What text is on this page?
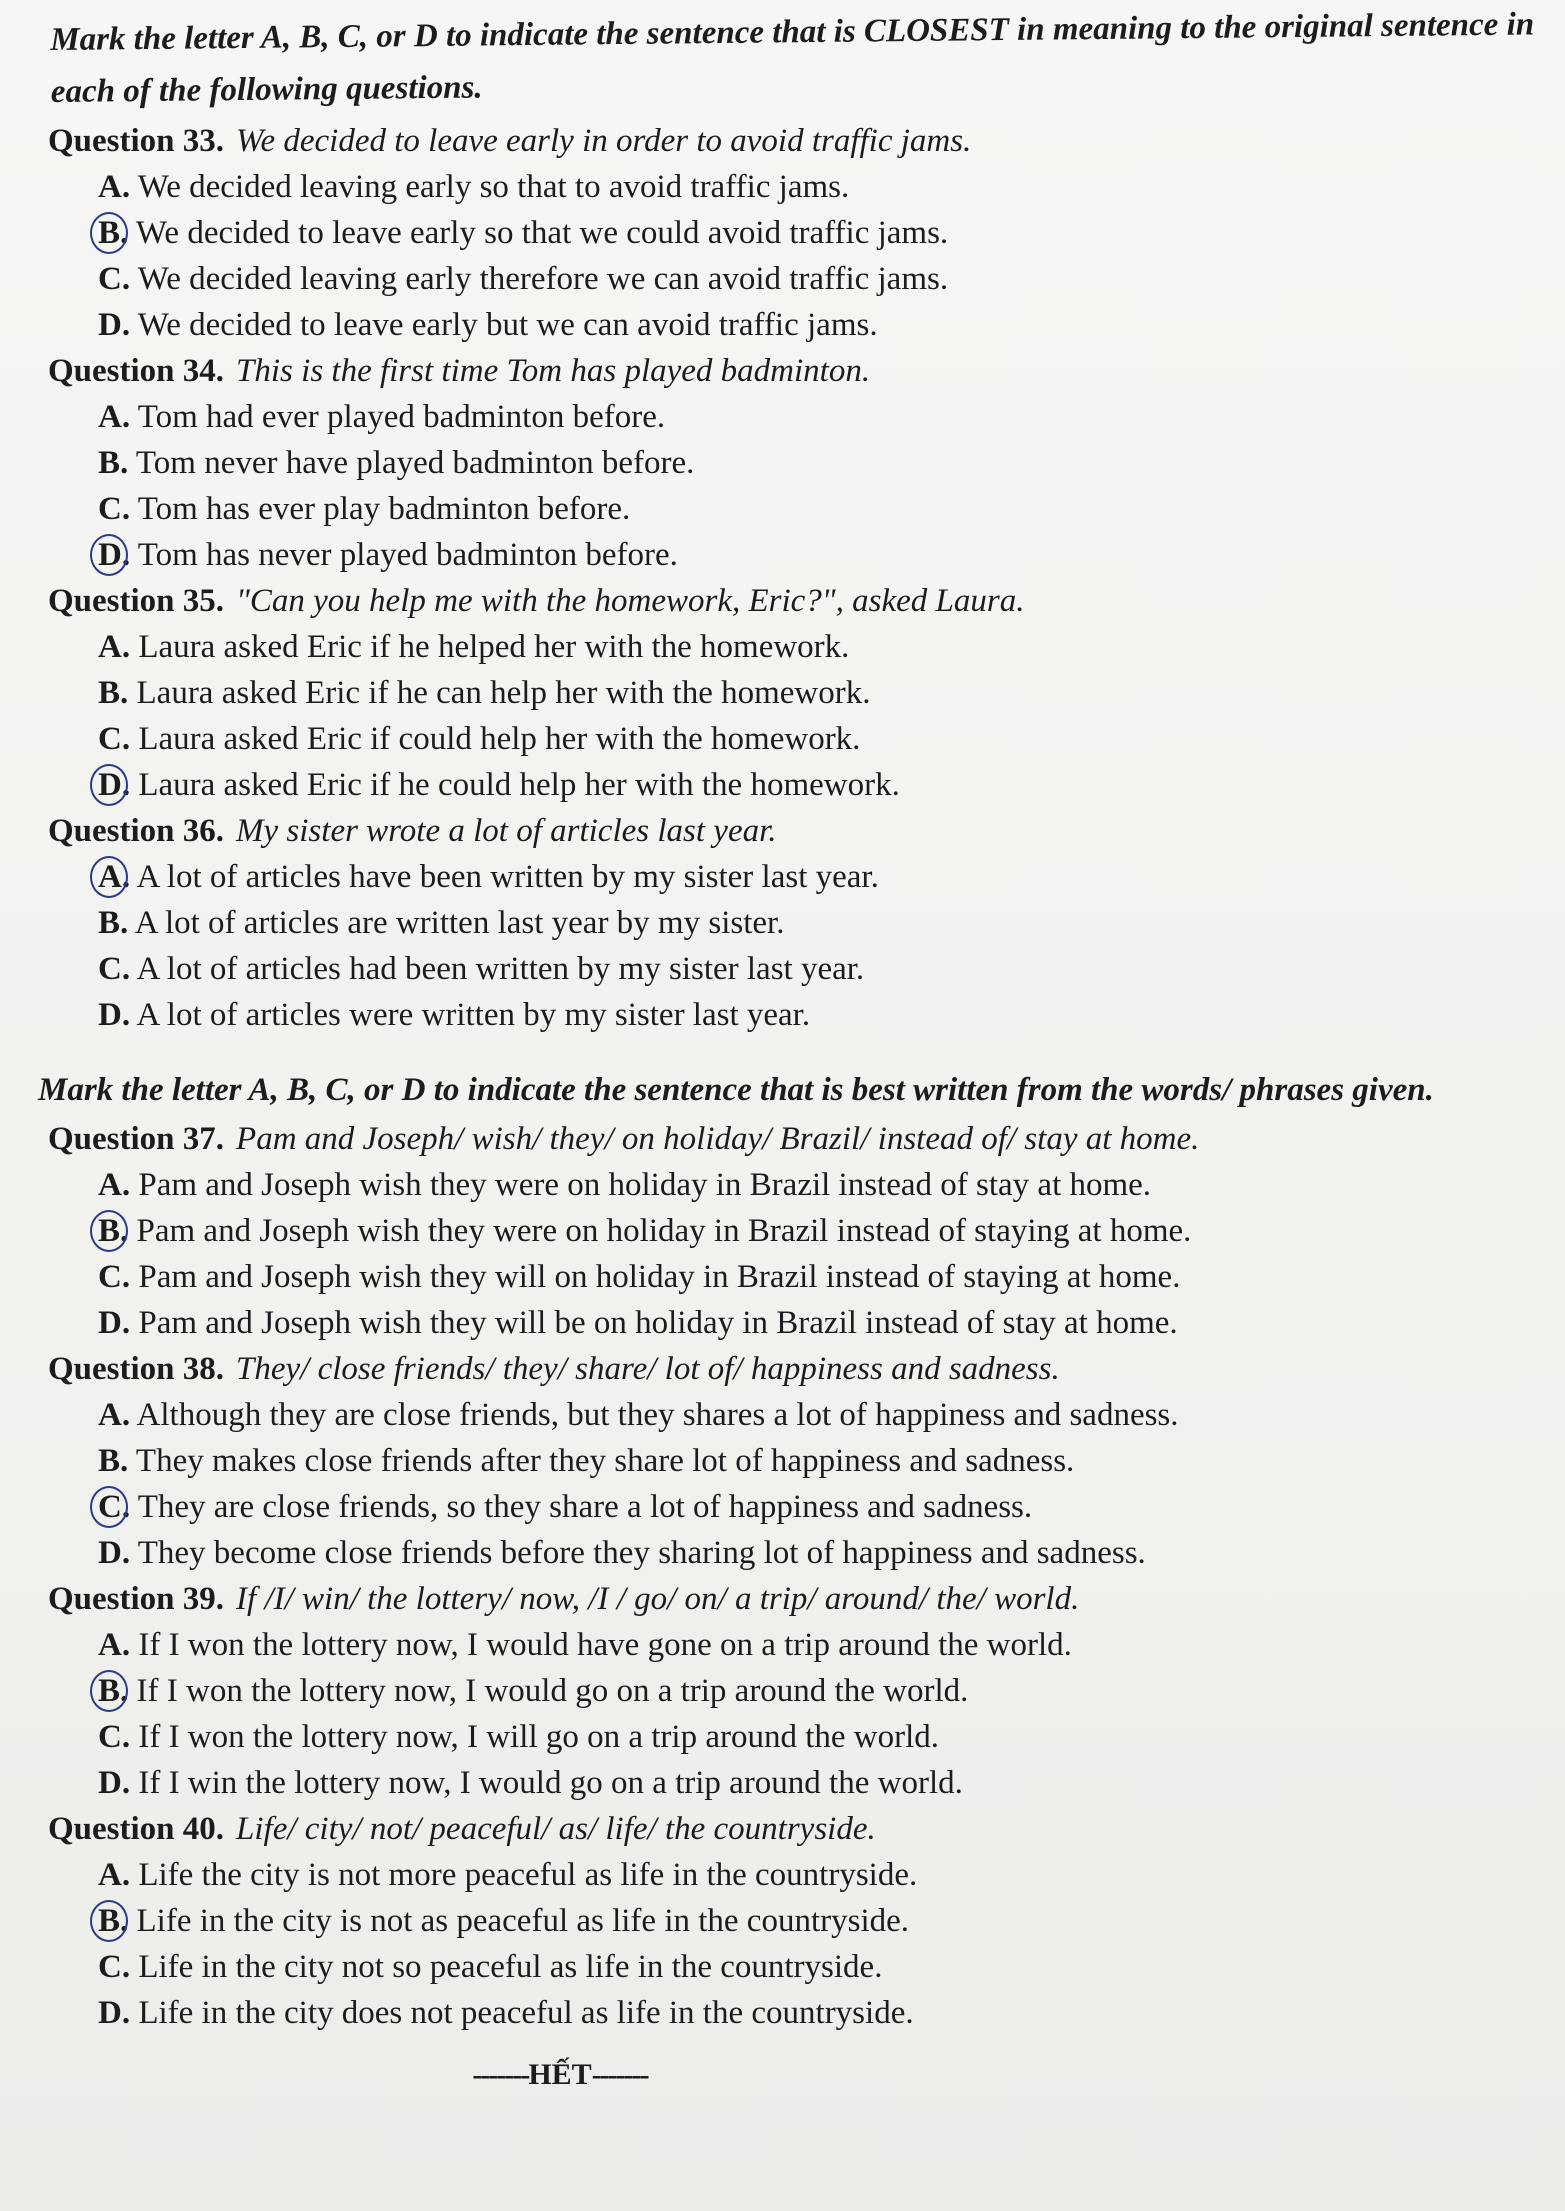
Mark the letter A, B, C, or D to indicate the sentence that is CLOSEST in meaning to the original sentence in each of the following questions.
Question 33. We decided to leave early in order to avoid traffic jams.
A. We decided leaving early so that to avoid traffic jams.
B. We decided to leave early so that we could avoid traffic jams.
C. We decided leaving early therefore we can avoid traffic jams.
D. We decided to leave early but we can avoid traffic jams.
Question 34. This is the first time Tom has played badminton.
A. Tom had ever played badminton before.
B. Tom never have played badminton before.
C. Tom has ever play badminton before.
D. Tom has never played badminton before.
Question 35. "Can you help me with the homework, Eric?", asked Laura.
A. Laura asked Eric if he helped her with the homework.
B. Laura asked Eric if he can help her with the homework.
C. Laura asked Eric if could help her with the homework.
D. Laura asked Eric if he could help her with the homework.
Question 36. My sister wrote a lot of articles last year.
A. A lot of articles have been written by my sister last year.
B. A lot of articles are written last year by my sister.
C. A lot of articles had been written by my sister last year.
D. A lot of articles were written by my sister last year.
Mark the letter A, B, C, or D to indicate the sentence that is best written from the words/ phrases given.
Question 37. Pam and Joseph/ wish/ they/ on holiday/ Brazil/ instead of/ stay at home.
A. Pam and Joseph wish they were on holiday in Brazil instead of stay at home.
B. Pam and Joseph wish they were on holiday in Brazil instead of staying at home.
C. Pam and Joseph wish they will on holiday in Brazil instead of staying at home.
D. Pam and Joseph wish they will be on holiday in Brazil instead of stay at home.
Question 38. They/ close friends/ they/ share/ lot of/ happiness and sadness.
A. Although they are close friends, but they shares a lot of happiness and sadness.
B. They makes close friends after they share lot of happiness and sadness.
C. They are close friends, so they share a lot of happiness and sadness.
D. They become close friends before they sharing lot of happiness and sadness.
Question 39. If /I/ win/ the lottery/ now, /I / go/ on/ a trip/ around/ the/ world.
A. If I won the lottery now, I would have gone on a trip around the world.
B. If I won the lottery now, I would go on a trip around the world.
C. If I won the lottery now, I will go on a trip around the world.
D. If I win the lottery now, I would go on a trip around the world.
Question 40. Life/ city/ not/ peaceful/ as/ life/ the countryside.
A. Life the city is not more peaceful as life in the countryside.
B. Life in the city is not as peaceful as life in the countryside.
C. Life in the city not so peaceful as life in the countryside.
D. Life in the city does not peaceful as life in the countryside.
-------HẾT-------
